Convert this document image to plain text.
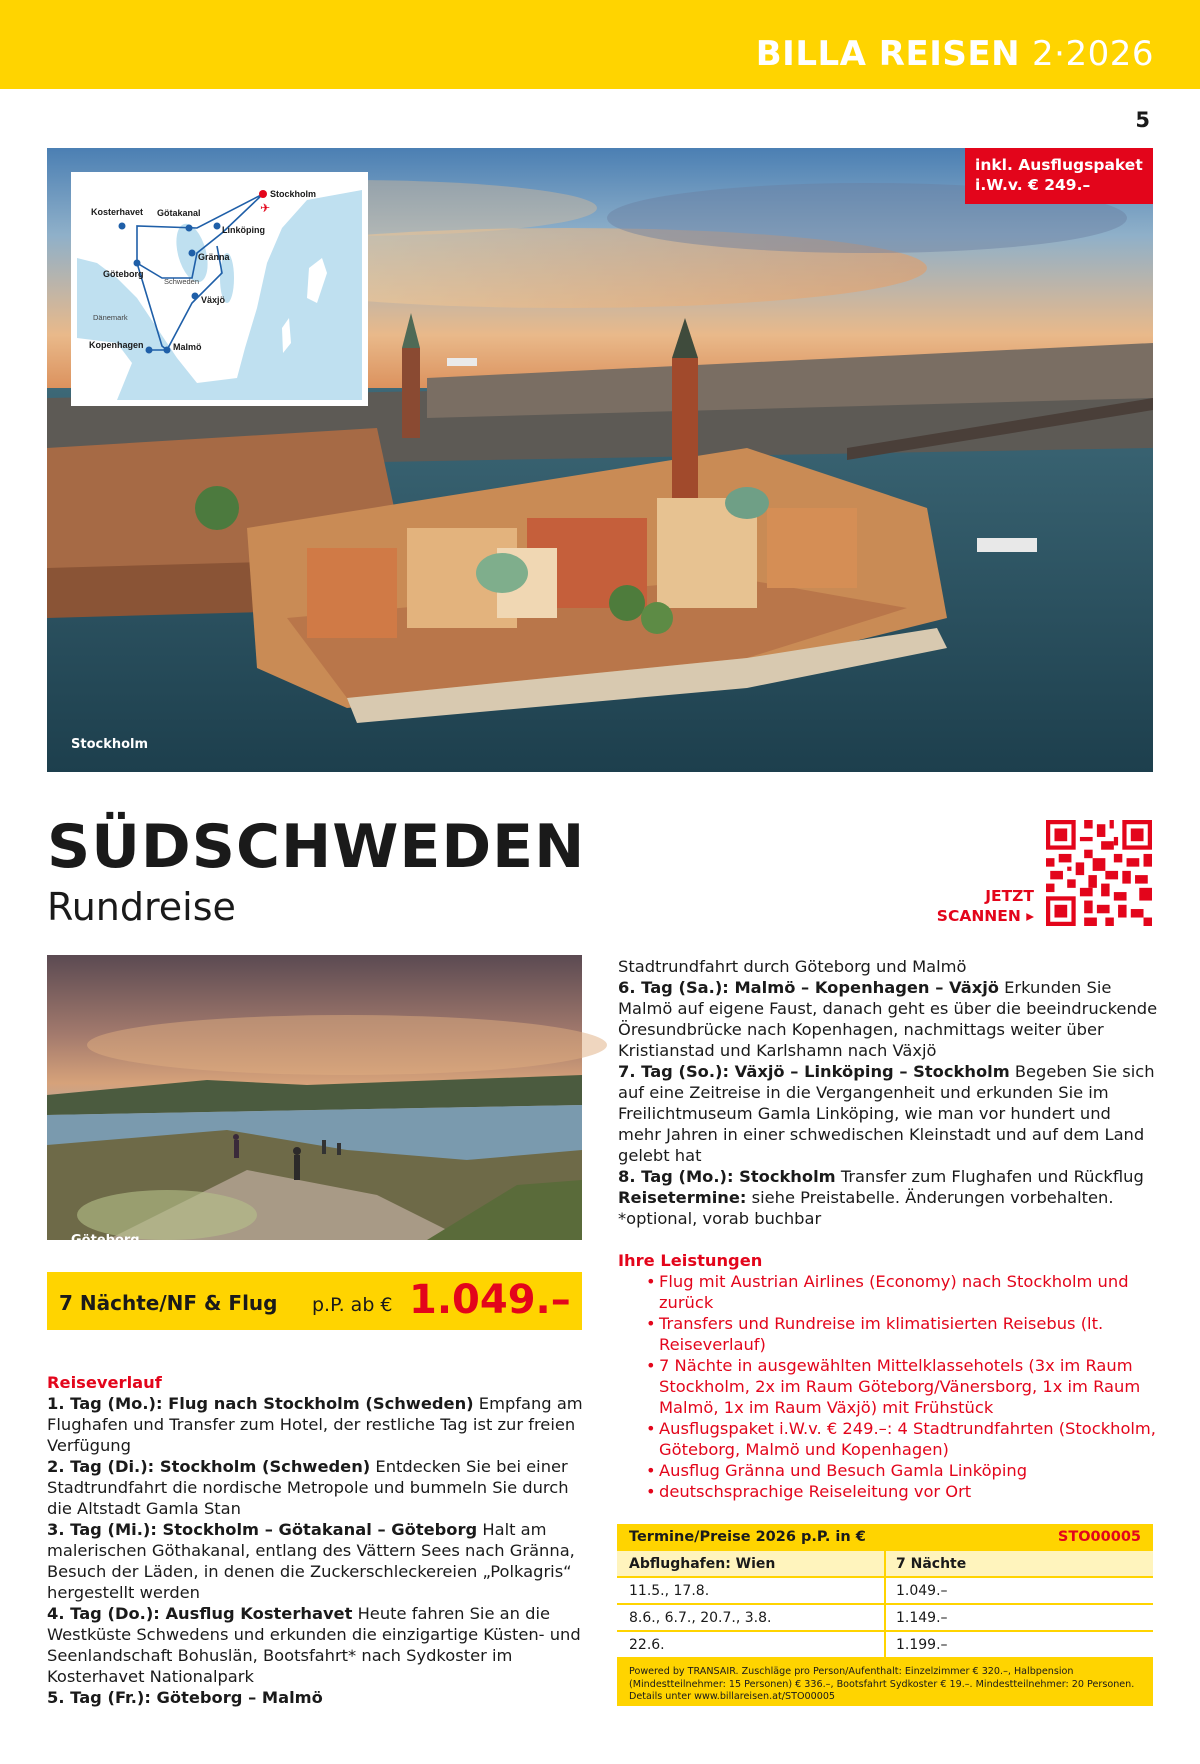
BILLA REISEN 2·2026
5
Stockholm
✈
Stockholm
Kosterhavet Götakanal
Linköping
Gränna
Göteborg
Växjö
Kopenhagen	Malmö
Schweden
Dänemark
inkl. Ausflugspaket
i.W.v. € 249.–
SÜDSCHWEDEN
Rundreise	JETZT
SCANNEN ▸
Göteborg
7 Nächte/NF & Flug p.P. ab € 1.049.–

Reiseverlauf

1. Tag (Mo.): Flug nach Stockholm (Schweden) Empfang am Flughafen und Transfer zum Hotel, der restliche Tag ist zur freien Verfügung

2. Tag (Di.): Stockholm (Schweden) Entdecken Sie bei einer Stadtrundfahrt die nordische Metropole und bummeln Sie durch die Altstadt Gamla Stan

3. Tag (Mi.): Stockholm – Götakanal – Göteborg Halt am malerischen Göthakanal, entlang des Vättern Sees nach Gränna, Besuch der Läden, in denen die Zuckerschleckereien „Polkagris“ hergestellt werden

4. Tag (Do.): Ausflug Kosterhavet Heute fahren Sie an die Westküste Schwedens und erkunden die einzigartige Küsten- und Seenlandschaft Bohuslän, Bootsfahrt* nach Sydkoster im Kosterhavet Nationalpark

5. Tag (Fr.): Göteborg – Malmö

Stadtrundfahrt durch Göteborg und Malmö

6. Tag (Sa.): Malmö – Kopenhagen – Växjö Erkunden Sie Malmö auf eigene Faust, danach geht es über die beeindruckende Öresundbrücke nach Kopenhagen, nachmittags weiter über Kristianstad und Karlshamn nach Växjö

7. Tag (So.): Växjö – Linköping – Stockholm Begeben Sie sich auf eine Zeitreise in die Vergangenheit und erkunden Sie im Freilichtmuseum Gamla Linköping, wie man vor hundert und mehr Jahren in einer schwedischen Kleinstadt und auf dem Land gelebt hat

8. Tag (Mo.): Stockholm Transfer zum Flughafen und Rückflug

Reisetermine: siehe Preistabelle. Änderungen vorbehalten.

*optional, vorab buchbar

Ihre Leistungen

• Flug mit Austrian Airlines (Economy) nach Stockholm und zurück
• Transfers und Rundreise im klimatisierten Reisebus (lt. Reiseverlauf)
• 7 Nächte in ausgewählten Mittelklassehotels (3x im Raum Stockholm, 2x im Raum Göteborg/Vänersborg, 1x im Raum Malmö, 1x im Raum Växjö) mit Frühstück
• Ausflugspaket i.W.v. € 249.–: 4 Stadtrundfahrten (Stockholm, Göteborg, Malmö und Kopenhagen)
• Ausflug Gränna und Besuch Gamla Linköping
• deutschsprachige Reiseleitung vor Ort
Termine/Preise 2026 p.P. in €	STO00005
Abflughafen: Wien	7 Nächte
11.5., 17.8.	1.049.–
8.6., 6.7., 20.7., 3.8.	1.149.–
22.6.	1.199.–
Powered by TRANSAIR. Zuschläge pro Person/Aufenthalt: Einzelzimmer € 320.–, Halbpension (Mindestteilnehmer: 15 Personen) € 336.–, Bootsfahrt Sydkoster € 19.–. Mindestteilnehmer: 20 Personen. Details unter www.billareisen.at/STO00005
